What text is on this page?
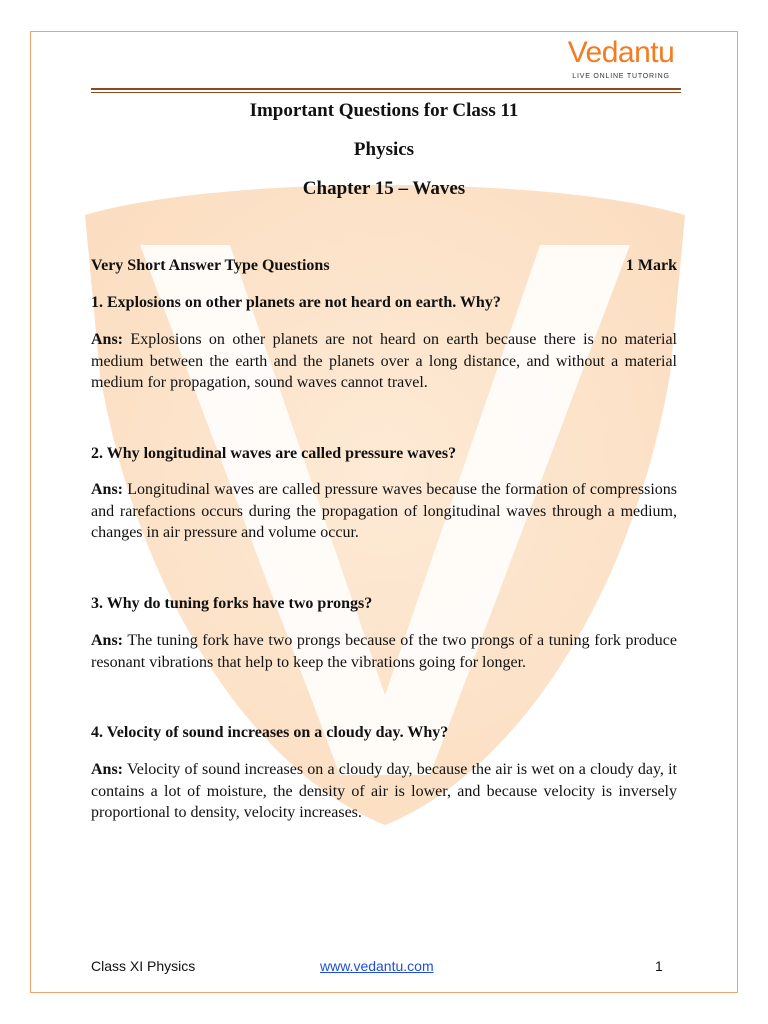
Vedantu
LIVE ONLINE TUTORING
Important Questions for Class 11
Physics
Chapter 15 – Waves
Very Short Answer Type Questions	1 Mark
1. Explosions on other planets are not heard on earth. Why?
Ans: Explosions on other planets are not heard on earth because there is no material medium between the earth and the planets over a long distance, and without a material medium for propagation, sound waves cannot travel.
2. Why longitudinal waves are called pressure waves?
Ans: Longitudinal waves are called pressure waves because the formation of compressions and rarefactions occurs during the propagation of longitudinal waves through a medium, changes in air pressure and volume occur.
3. Why do tuning forks have two prongs?
Ans: The tuning fork have two prongs because of the two prongs of a tuning fork produce resonant vibrations that help to keep the vibrations going for longer.
4. Velocity of sound increases on a cloudy day. Why?
Ans: Velocity of sound increases on a cloudy day, because the air is wet on a cloudy day, it contains a lot of moisture, the density of air is lower, and because velocity is inversely proportional to density, velocity increases.
Class XI Physics	www.vedantu.com	1
